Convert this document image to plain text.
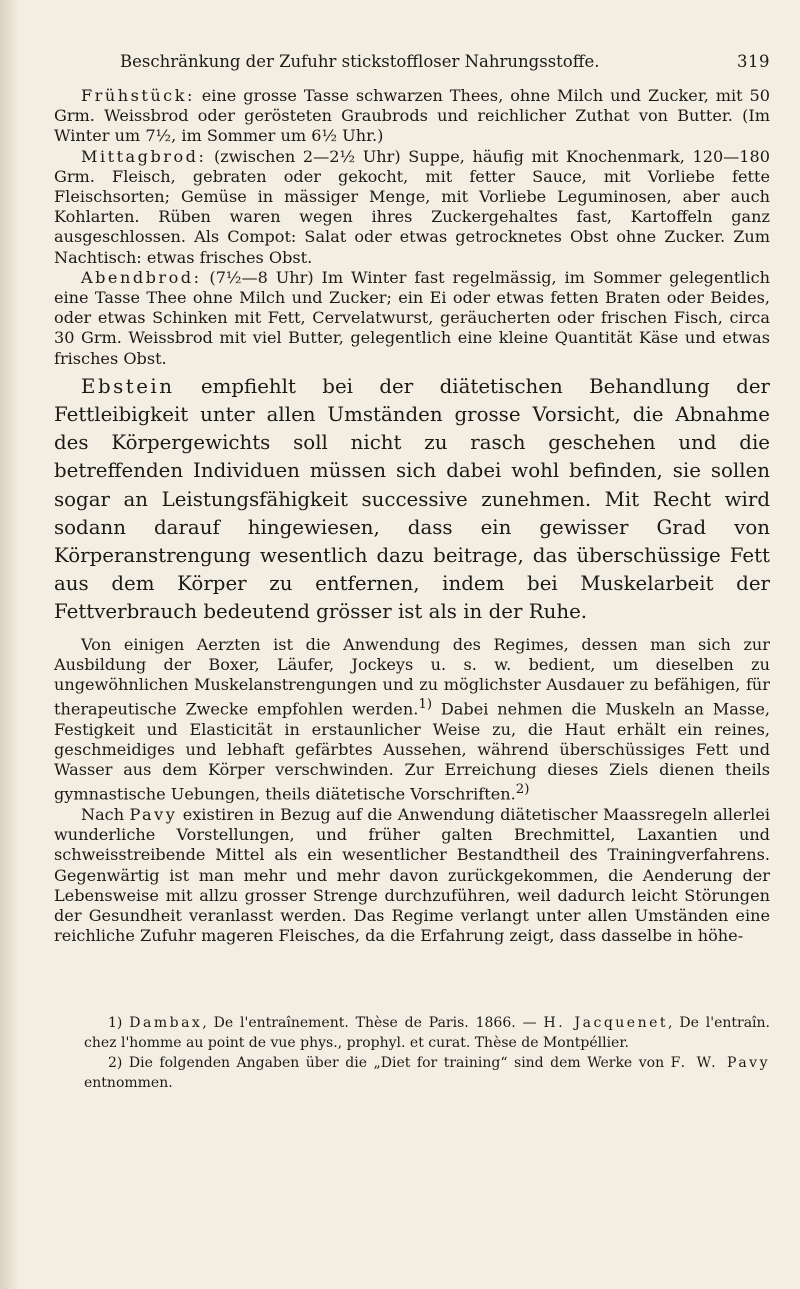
Beschränkung der Zufuhr stickstoffloser Nahrungsstoffe.	319

Frühstück: eine grosse Tasse schwarzen Thees, ohne Milch und Zucker, mit 50 Grm. Weissbrod oder gerösteten Graubrods und reichlicher Zuthat von Butter. (Im Winter um 7½, im Sommer um 6½ Uhr.)

Mittagbrod: (zwischen 2—2½ Uhr) Suppe, häufig mit Knochenmark, 120—180 Grm. Fleisch, gebraten oder gekocht, mit fetter Sauce, mit Vorliebe fette Fleischsorten; Gemüse in mässiger Menge, mit Vorliebe Leguminosen, aber auch Kohlarten. Rüben waren wegen ihres Zuckergehaltes fast, Kartoffeln ganz ausgeschlossen. Als Compot: Salat oder etwas getrocknetes Obst ohne Zucker. Zum Nachtisch: etwas frisches Obst.

Abendbrod: (7½—8 Uhr) Im Winter fast regelmässig, im Sommer gelegentlich eine Tasse Thee ohne Milch und Zucker; ein Ei oder etwas fetten Braten oder Beides, oder etwas Schinken mit Fett, Cervelatwurst, geräucherten oder frischen Fisch, circa 30 Grm. Weissbrod mit viel Butter, gelegentlich eine kleine Quantität Käse und etwas frisches Obst.

Ebstein empfiehlt bei der diätetischen Behandlung der Fettleibigkeit unter allen Umständen grosse Vorsicht, die Abnahme des Körpergewichts soll nicht zu rasch geschehen und die betreffenden Individuen müssen sich dabei wohl befinden, sie sollen sogar an Leistungsfähigkeit successive zunehmen. Mit Recht wird sodann darauf hingewiesen, dass ein gewisser Grad von Körperanstrengung wesentlich dazu beitrage, das überschüssige Fett aus dem Körper zu entfernen, indem bei Muskelarbeit der Fettverbrauch bedeutend grösser ist als in der Ruhe.

Von einigen Aerzten ist die Anwendung des Regimes, dessen man sich zur Ausbildung der Boxer, Läufer, Jockeys u. s. w. bedient, um dieselben zu ungewöhnlichen Muskelanstrengungen und zu möglichster Ausdauer zu befähigen, für therapeutische Zwecke empfohlen werden.$^{1)}$ Dabei nehmen die Muskeln an Masse, Festigkeit und Elasticität in erstaunlicher Weise zu, die Haut erhält ein reines, geschmeidiges und lebhaft gefärbtes Aussehen, während überschüssiges Fett und Wasser aus dem Körper verschwinden. Zur Erreichung dieses Ziels dienen theils gymnastische Uebungen, theils diätetische Vorschriften.$^{2)}$

Nach Pavy existiren in Bezug auf die Anwendung diätetischer Maassregeln allerlei wunderliche Vorstellungen, und früher galten Brechmittel, Laxantien und schweisstreibende Mittel als ein wesentlicher Bestandtheil des Trainingverfahrens. Gegenwärtig ist man mehr und mehr davon zurückgekommen, die Aenderung der Lebensweise mit allzu grosser Strenge durchzuführen, weil dadurch leicht Störungen der Gesundheit veranlasst werden. Das Regime verlangt unter allen Umständen eine reichliche Zufuhr mageren Fleisches, da die Erfahrung zeigt, dass dasselbe in höhe-

1) Dambax, De l'entraînement. Thèse de Paris. 1866. — H. Jacquenet, De l'entraîn. chez l'homme au point de vue phys., prophyl. et curat. Thèse de Montpéllier.

2) Die folgenden Angaben über die „Diet for training“ sind dem Werke von F. W. Pavy entnommen.
